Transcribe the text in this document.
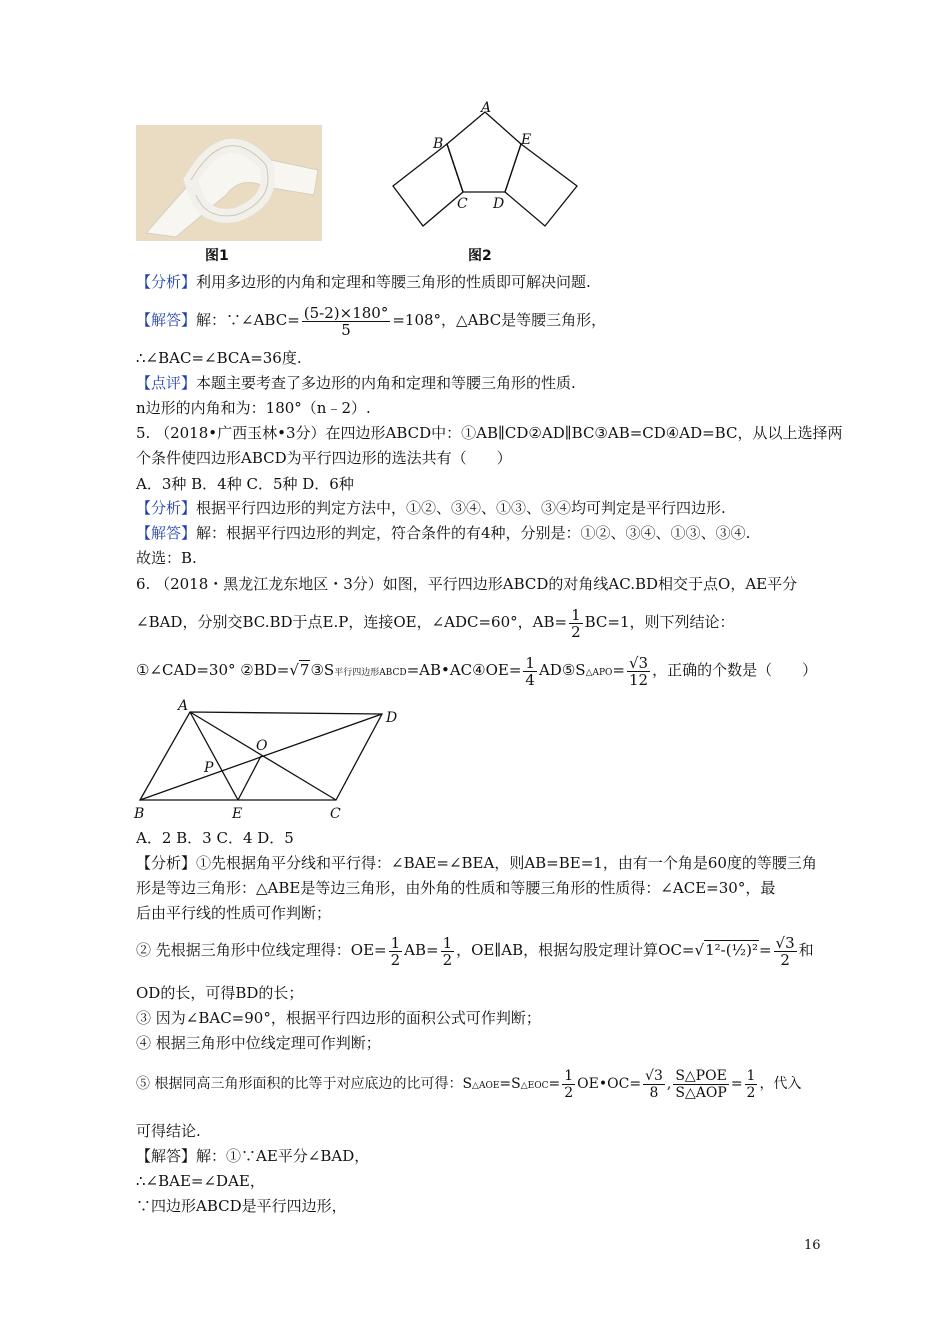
图1
A
B	E
C D
图2
【分析】利用多边形的内角和定理和等腰三角形的性质即可解决问题.
【解答】解：∵∠ABC= $\frac{(5-2)\times 180^\circ}{5} =108^\circ$，△ABC是等腰三角形，
∴∠BAC=∠BCA=36度.
【点评】本题主要考查了多边形的内角和定理和等腰三角形的性质.
n边形的内角和为：180°（n﹣2）.
5. （2018•广西玉林•3分）在四边形ABCD中：①AB∥CD②AD∥BC③AB=CD④AD=BC，从以上选择两
个条件使四边形ABCD为平行四边形的选法共有（　　）
A．3种 B．4种 C．5种 D．6种
【分析】根据平行四边形的判定方法中，①②、③④、①③、③④均可判定是平行四边形.
【解答】解：根据平行四边形的判定，符合条件的有4种，分别是：①②、③④、①③、③④.
故选：B.
6. （2018・黑龙江龙东地区・3分）如图，平行四边形ABCD的对角线AC.BD相交于点O，AE平分
∠BAD，分别交BC.BD于点E.P，连接OE，∠ADC=60°，$AB= \frac{1}{2} BC=1$，则下列结论：
①∠CAD=30° ②BD=√7③S平行四边形ABCD=AB•AC④OE= $\frac{1}{4}$ AD⑤S△APO= $\frac{√3}{12}$ ，正确的个数是（　　）
A
D
O
P
B	E	C
A．2 B．3 C．4 D．5
【分析】①先根据角平分线和平行得：∠BAE=∠BEA，则AB=BE=1，由有一个角是60度的等腰三角
形是等边三角形：△ABE是等边三角形，由外角的性质和等腰三角形的性质得：∠ACE=30°，最
后由平行线的性质可作判断；
② 先根据三角形中位线定理得：$OE= \frac{1}{2} AB= \frac{1}{2}$ ，OE∥AB，根据勾股定理计算OC=√1²-(½)²= $\frac{√3}{2}$ 和
OD的长，可得BD的长；
③ 因为∠BAC=90°，根据平行四边形的面积公式可作判断；
④ 根据三角形中位线定理可作判断；
⑤ 根据同高三角形面积的比等于对应底边的比可得：S△AOE=S△EOC= $\frac{1}{2}$ OE•OC= $\frac{√3}{8}$ , $\frac{\text{S△POE}}{\text{S△AOP}} = \frac{1}{2}$ ，代入
可得结论.
【解答】解：①∵AE平分∠BAD，
∴∠BAE=∠DAE，
∵四边形ABCD是平行四边形，
16
